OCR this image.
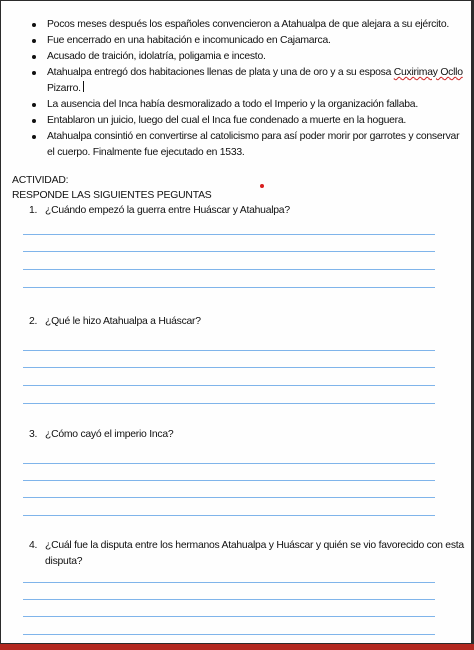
Pocos meses después los españoles convencieron a Atahualpa de que alejara a su ejército.
Fue encerrado en una habitación e incomunicado en Cajamarca.
Acusado de traición, idolatría, poligamia e incesto.
Atahualpa entregó dos habitaciones llenas de plata y una de oro y a su esposa Cuxirimay Ocllo Pizarro.
La ausencia del Inca había desmoralizado a todo el Imperio y la organización fallaba.
Entablaron un juicio, luego del cual el Inca fue condenado a muerte en la hoguera.
Atahualpa consintió en convertirse al catolicismo para así poder morir por garrotes y conservar el cuerpo. Finalmente fue ejecutado en 1533.
ACTIVIDAD:
RESPONDE LAS SIGUIENTES PEGUNTAS
1. ¿Cuándo empezó la guerra entre Huáscar y Atahualpa?
2. ¿Qué le hizo Atahualpa a Huáscar?
3. ¿Cómo cayó el imperio Inca?
4. ¿Cuál fue la disputa entre los hermanos Atahualpa y Huáscar y quién se vio favorecido con esta
disputa?
